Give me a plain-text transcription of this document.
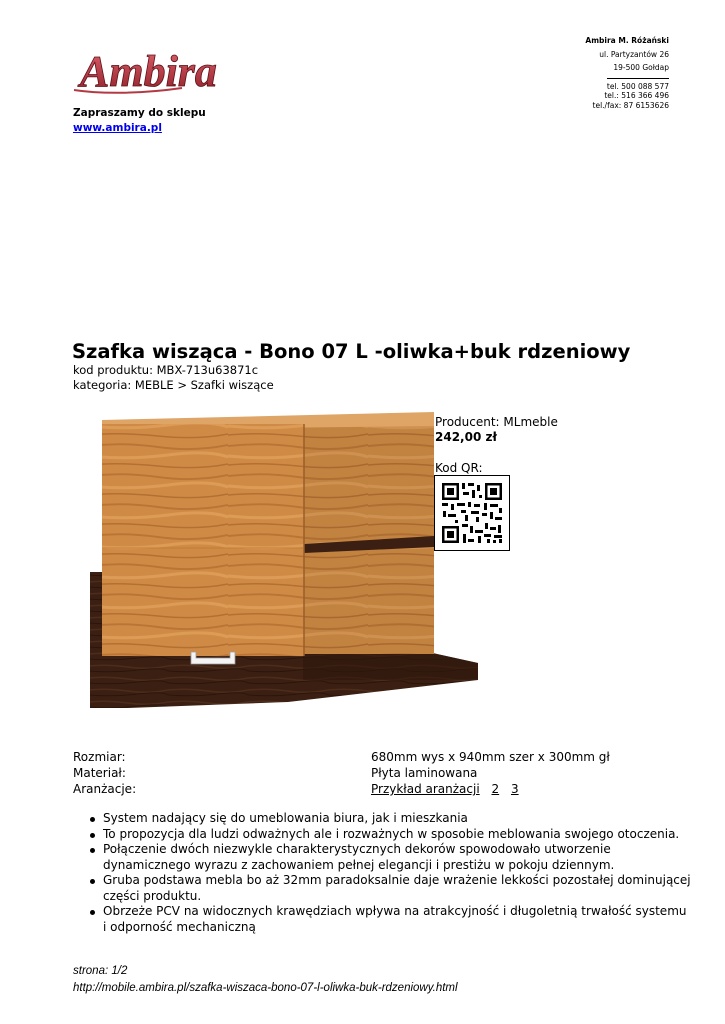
Ambira
Zapraszamy do sklepu
www.ambira.pl
Ambira M. Różański
ul. Partyzantów 26
19-500 Gołdap
tel. 500 088 577
tel.: 516 366 496
tel./fax: 87 6153626
Szafka wisząca - Bono 07 L -oliwka+buk rdzeniowy
kod produktu: MBX-713u63871c
kategoria: MEBLE > Szafki wiszące
Producent: MLmeble
242,00 zł
Kod QR:
Rozmiar:	680mm wys x 940mm szer x 300mm gł
Materiał:	Płyta laminowana
Aranżacje:	Przykład aranżacji 2 3
System nadający się do umeblowania biura, jak i mieszkania
To propozycja dla ludzi odważnych ale i rozważnych w sposobie meblowania swojego otoczenia.
Połączenie dwóch niezwykle charakterystycznych dekorów spowodowało utworzenie dynamicznego wyrazu z zachowaniem pełnej elegancji i prestiżu w pokoju dziennym.
Gruba podstawa mebla bo aż 32mm paradoksalnie daje wrażenie lekkości pozostałej dominującej części produktu.
Obrzeże PCV na widocznych krawędziach wpływa na atrakcyjność i długoletnią trwałość systemu i odporność mechaniczną
strona: 1/2
http://mobile.ambira.pl/szafka-wiszaca-bono-07-l-oliwka-buk-rdzeniowy.html
